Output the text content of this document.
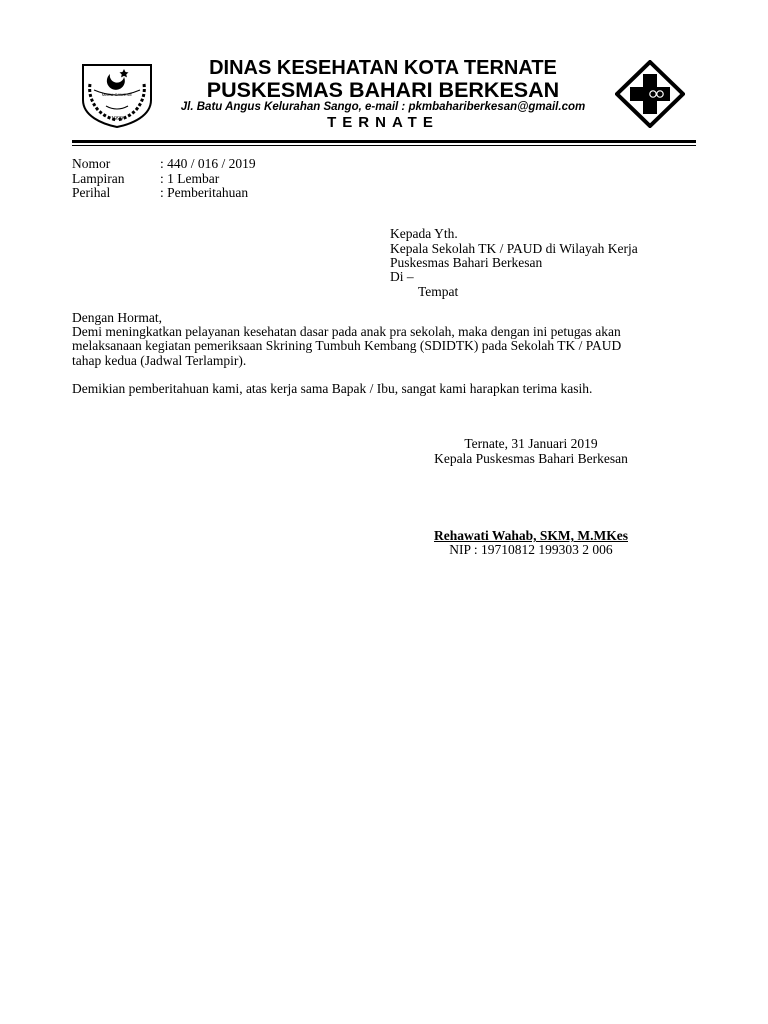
MAKU GAWENE
1999
DINAS KESEHATAN KOTA TERNATE
PUSKESMAS BAHARI BERKESAN
Jl. Batu Angus Kelurahan Sango, e-mail : pkmbahariberkesan@gmail.com
TERNATE
Nomor	: 440 / 016 / 2019
Lampiran	: 1 Lembar
Perihal	: Pemberitahuan
Kepada Yth.
Kepala Sekolah TK / PAUD di Wilayah Kerja
Puskesmas Bahari Berkesan
Di –
Tempat
Dengan Hormat,
Demi meningkatkan pelayanan kesehatan dasar pada anak pra sekolah, maka dengan ini petugas akan
melaksanaan kegiatan pemeriksaan Skrining Tumbuh Kembang (SDIDTK) pada Sekolah TK / PAUD
tahap kedua (Jadwal Terlampir).
Demikian pemberitahuan kami, atas kerja sama Bapak / Ibu, sangat kami harapkan terima kasih.
Ternate, 31 Januari 2019
Kepala Puskesmas Bahari Berkesan
Rehawati Wahab, SKM, M.MKes
NIP : 19710812 199303 2 006
